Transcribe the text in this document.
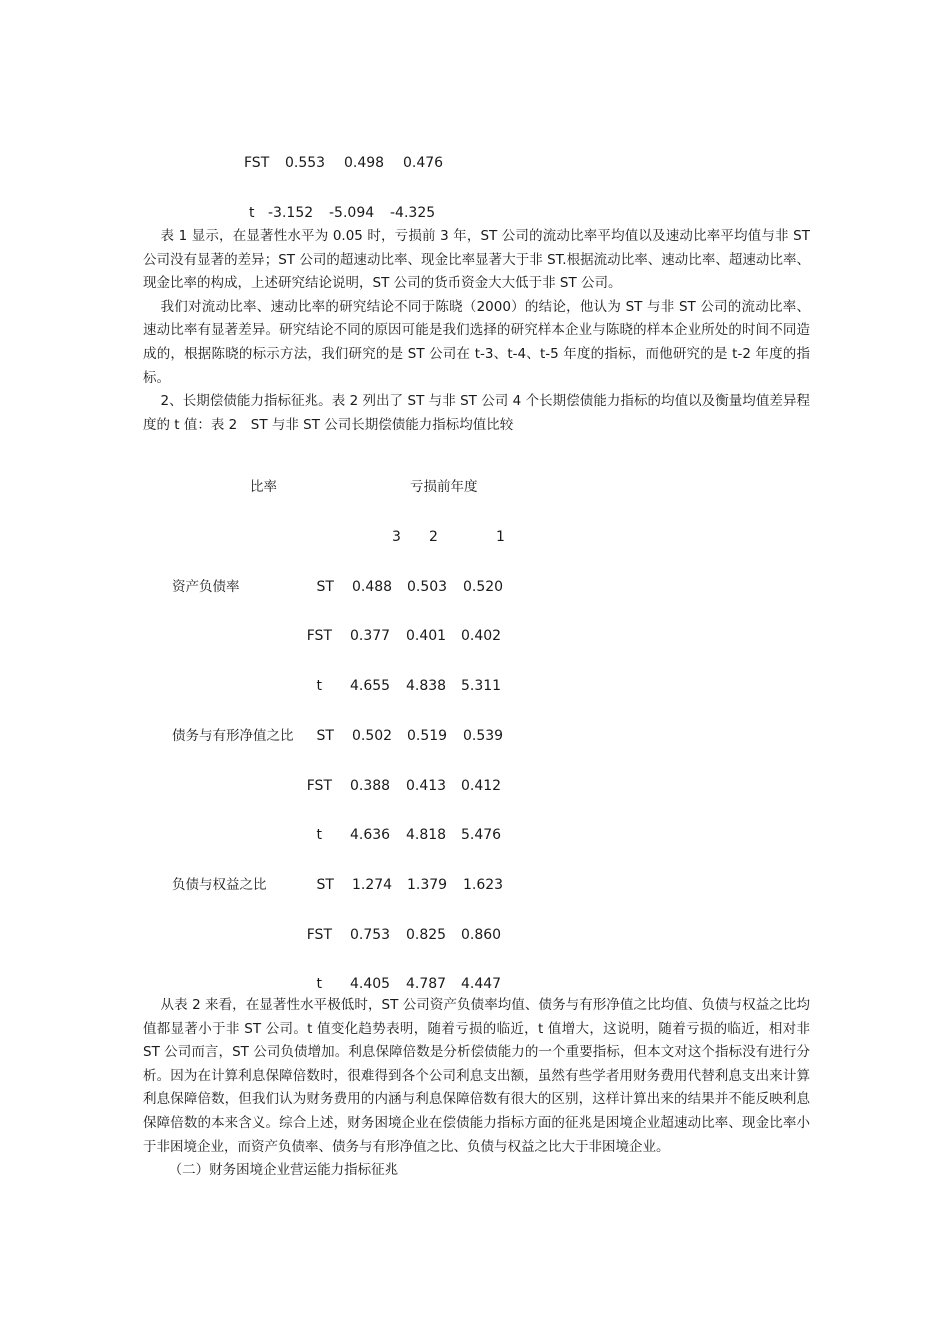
FST 0.553 0.498 0.476
t -3.152 -5.094 -4.325

表 1 显示，在显著性水平为 0.05 时，亏损前 3 年，ST 公司的流动比率平均值以及速动比率平均值与非 ST 公司没有显著的差异；ST 公司的超速动比率、现金比率显著大于非 ST.根据流动比率、速动比率、超速动比率、现金比率的构成，上述研究结论说明，ST 公司的货币资金大大低于非 ST 公司。

我们对流动比率、速动比率的研究结论不同于陈晓（2000）的结论，他认为 ST 与非 ST 公司的流动比率、速动比率有显著差异。研究结论不同的原因可能是我们选择的研究样本企业与陈晓的样本企业所处的时间不同造成的，根据陈晓的标示方法，我们研究的是 ST 公司在 t-3、t-4、t-5 年度的指标，而他研究的是 t-2 年度的指标。

2、长期偿债能力指标征兆。表 2 列出了 ST 与非 ST 公司 4 个长期偿债能力指标的均值以及衡量均值差异程度的 t 值：表 2　ST 与非 ST 公司长期偿债能力指标均值比较

比率	亏损前年度
3 2	1
资产负债率	ST 0.488 0.503 0.520
FST 0.377 0.401 0.402
t 4.655 4.838 5.311
债务与有形净值之比	ST 0.502 0.519 0.539
FST 0.388 0.413 0.412
t 4.636 4.818 5.476
负债与权益之比	ST 1.274 1.379 1.623
FST 0.753 0.825 0.860
t 4.405 4.787 4.447

从表 2 来看，在显著性水平极低时，ST 公司资产负债率均值、债务与有形净值之比均值、负债与权益之比均值都显著小于非 ST 公司。t 值变化趋势表明，随着亏损的临近，t 值增大，这说明，随着亏损的临近，相对非 ST 公司而言，ST 公司负债增加。利息保障倍数是分析偿债能力的一个重要指标，但本文对这个指标没有进行分析。因为在计算利息保障倍数时，很难得到各个公司利息支出额，虽然有些学者用财务费用代替利息支出来计算利息保障倍数，但我们认为财务费用的内涵与利息保障倍数有很大的区别，这样计算出来的结果并不能反映利息保障倍数的本来含义。综合上述，财务困境企业在偿债能力指标方面的征兆是困境企业超速动比率、现金比率小于非困境企业，而资产负债率、债务与有形净值之比、负债与权益之比大于非困境企业。

（二）财务困境企业营运能力指标征兆
